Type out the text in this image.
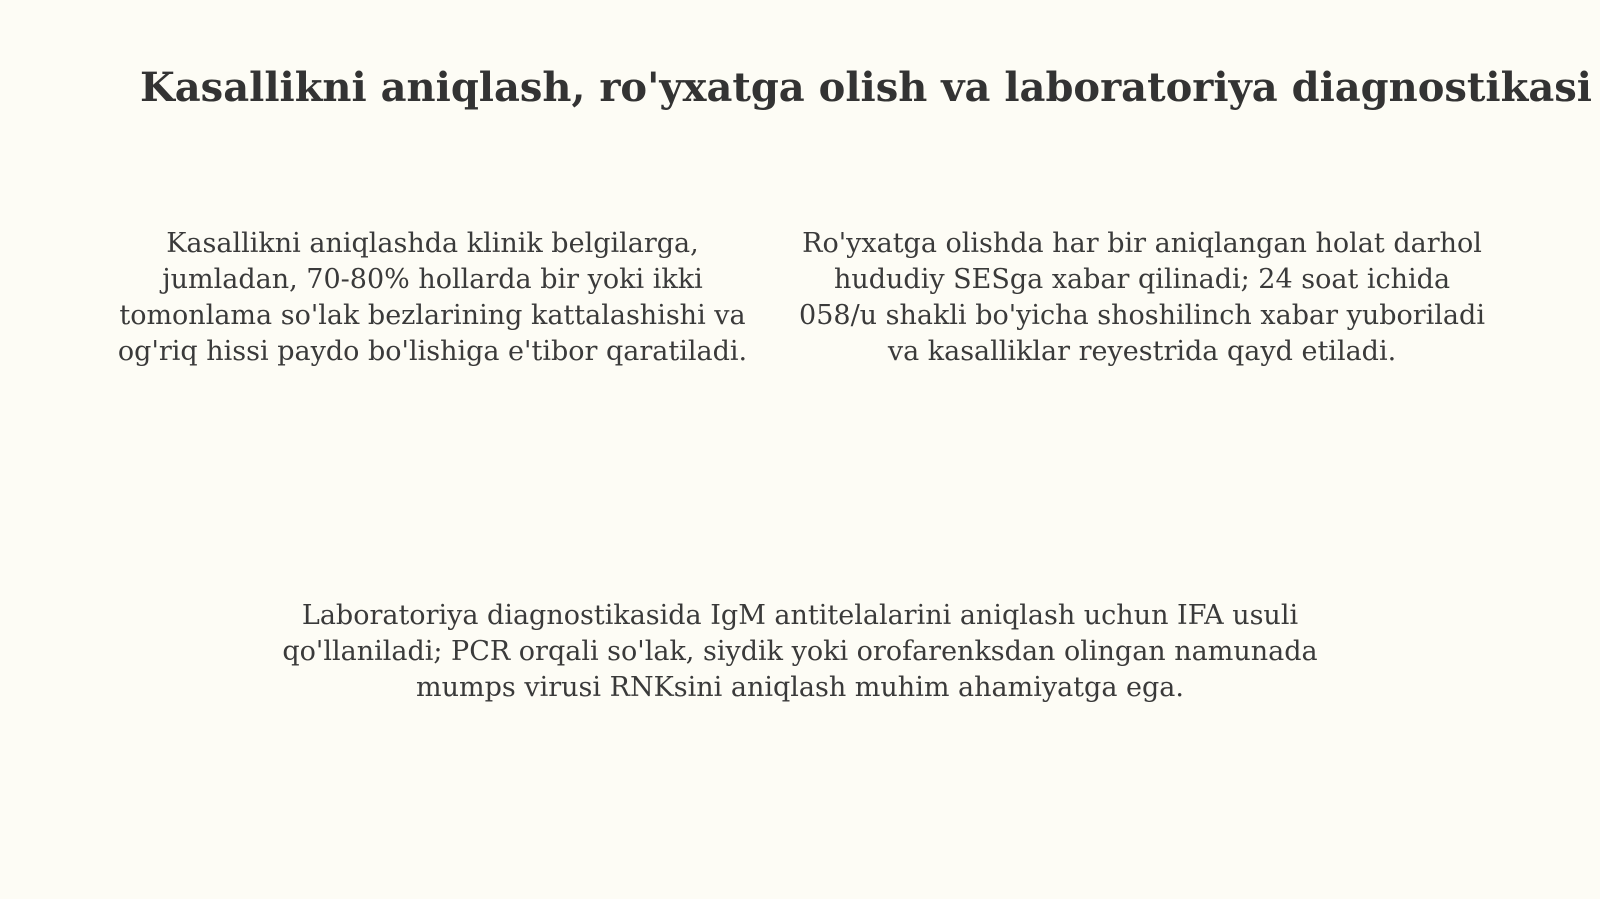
Kasallikni aniqlash, ro'yxatga olish va laboratoriya diagnostikasi

Kasallikni aniqlashda klinik belgilarga, jumladan, 70-80% hollarda bir yoki ikki tomonlama so'lak bezlarining kattalashishi va og'riq hissi paydo bo'lishiga e'tibor qaratiladi.

Ro'yxatga olishda har bir aniqlangan holat darhol hududiy SESga xabar qilinadi; 24 soat ichida 058/u shakli bo'yicha shoshilinch xabar yuboriladi va kasalliklar reyestrida qayd etiladi.

Laboratoriya diagnostikasida IgM antitelalarini aniqlash uchun IFA usuli qo'llaniladi; PCR orqali so'lak, siydik yoki orofarenksdan olingan namunada mumps virusi RNKsini aniqlash muhim ahamiyatga ega.
